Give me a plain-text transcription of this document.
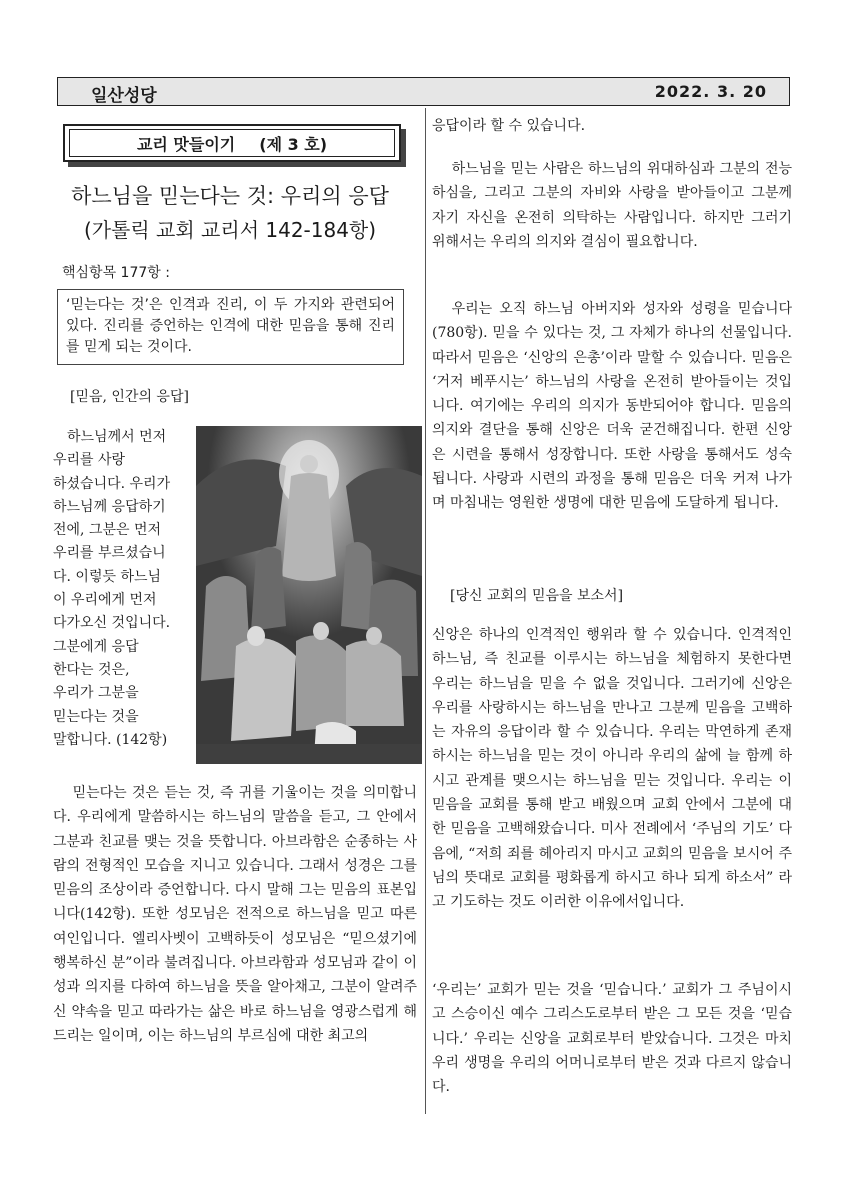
일산성당	2022. 3. 20
교리 맛들이기 (제 3 호)
하느님을 믿는다는 것: 우리의 응답
(가톨릭 교회 교리서 142-184항)
핵심항목 177항 :
‘믿는다는 것’은 인격과 진리, 이 두 가지와 관련되어 있다. 진리를 증언하는 인격에 대한 믿음을 통해 진리를 믿게 되는 것이다.
[믿음, 인간의 응답]
하느님께서 먼저
우리를 사랑
하셨습니다. 우리가
하느님께 응답하기
전에, 그분은 먼저
우리를 부르셨습니
다. 이렇듯 하느님
이 우리에게 먼저
다가오신 것입니다.
그분에게 응답
한다는 것은,
우리가 그분을
믿는다는 것을
말합니다. (142항)
믿는다는 것은 듣는 것, 즉 귀를 기울이는 것을 의미합니다. 우리에게 말씀하시는 하느님의 말씀을 듣고, 그 안에서 그분과 친교를 맺는 것을 뜻합니다. 아브라함은 순종하는 사람의 전형적인 모습을 지니고 있습니다. 그래서 성경은 그를 믿음의 조상이라 증언합니다. 다시 말해 그는 믿음의 표본입니다(142항). 또한 성모님은 전적으로 하느님을 믿고 따른 여인입니다. 엘리사벳이 고백하듯이 성모님은 “믿으셨기에 행복하신 분”이라 불려집니다. 아브라함과 성모님과 같이 이성과 의지를 다하여 하느님을 뜻을 알아채고, 그분이 알려주신 약속을 믿고 따라가는 삶은 바로 하느님을 영광스럽게 해 드리는 일이며, 이는 하느님의 부르심에 대한 최고의
응답이라 할 수 있습니다.
하느님을 믿는 사람은 하느님의 위대하심과 그분의 전능하심을, 그리고 그분의 자비와 사랑을 받아들이고 그분께 자기 자신을 온전히 의탁하는 사람입니다. 하지만 그러기 위해서는 우리의 의지와 결심이 필요합니다.
우리는 오직 하느님 아버지와 성자와 성령을 믿습니다(780항). 믿을 수 있다는 것, 그 자체가 하나의 선물입니다. 따라서 믿음은 ‘신앙의 은총’이라 말할 수 있습니다. 믿음은 ‘거저 베푸시는’ 하느님의 사랑을 온전히 받아들이는 것입니다. 여기에는 우리의 의지가 동반되어야 합니다. 믿음의 의지와 결단을 통해 신앙은 더욱 굳건해집니다. 한편 신앙은 시련을 통해서 성장합니다. 또한 사랑을 통해서도 성숙됩니다. 사랑과 시련의 과정을 통해 믿음은 더욱 커져 나가며 마침내는 영원한 생명에 대한 믿음에 도달하게 됩니다.
[당신 교회의 믿음을 보소서]
신앙은 하나의 인격적인 행위라 할 수 있습니다. 인격적인 하느님, 즉 친교를 이루시는 하느님을 체험하지 못한다면 우리는 하느님을 믿을 수 없을 것입니다. 그러기에 신앙은 우리를 사랑하시는 하느님을 만나고 그분께 믿음을 고백하는 자유의 응답이라 할 수 있습니다. 우리는 막연하게 존재하시는 하느님을 믿는 것이 아니라 우리의 삶에 늘 함께 하시고 관계를 맺으시는 하느님을 믿는 것입니다. 우리는 이 믿음을 교회를 통해 받고 배웠으며 교회 안에서 그분에 대한 믿음을 고백해왔습니다. 미사 전례에서 ‘주님의 기도’ 다음에, “저희 죄를 헤아리지 마시고 교회의 믿음을 보시어 주님의 뜻대로 교회를 평화롭게 하시고 하나 되게 하소서” 라고 기도하는 것도 이러한 이유에서입니다.
‘우리는’ 교회가 믿는 것을 ‘믿습니다.’ 교회가 그 주님이시고 스승이신 예수 그리스도로부터 받은 그 모든 것을 ‘믿습니다.’ 우리는 신앙을 교회로부터 받았습니다. 그것은 마치 우리 생명을 우리의 어머니로부터 받은 것과 다르지 않습니다.
